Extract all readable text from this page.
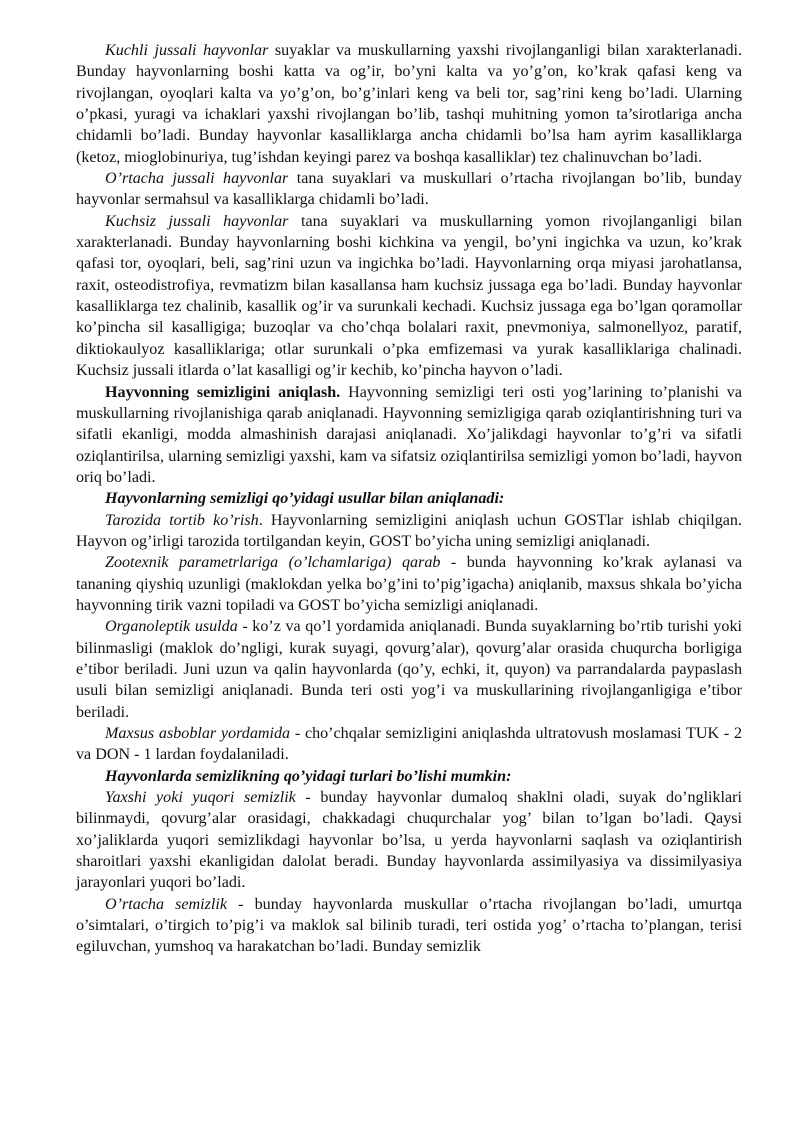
Kuchli jussali hayvonlar suyaklar va muskullarning yaxshi rivojlanganligi bilan xarakterlanadi. Bunday hayvonlarning boshi katta va og’ir, bo’yni kalta va yo’g’on, ko’krak qafasi keng va rivojlangan, oyoqlari kalta va yo’g’on, bo’g’inlari keng va beli tor, sag’rini keng bo’ladi. Ularning o’pkasi, yuragi va ichaklari yaxshi rivojlangan bo’lib, tashqi muhitning yomon ta’sirotlariga ancha chidamli bo’ladi. Bunday hayvonlar kasalliklarga ancha chidamli bo’lsa ham ayrim kasalliklarga (ketoz, mioglobinuriya, tug’ishdan keyingi parez va boshqa kasalliklar) tez chalinuvchan bo’ladi.

O’rtacha jussali hayvonlar tana suyaklari va muskullari o’rtacha rivojlangan bo’lib, bunday hayvonlar sermahsul va kasalliklarga chidamli bo’ladi.

Kuchsiz jussali hayvonlar tana suyaklari va muskullarning yomon rivojlanganligi bilan xarakterlanadi. Bunday hayvonlarning boshi kichkina va yengil, bo’yni ingichka va uzun, ko’krak qafasi tor, oyoqlari, beli, sag’rini uzun va ingichka bo’ladi. Hayvonlarning orqa miyasi jarohatlansa, raxit, osteodistrofiya, revmatizm bilan kasallansa ham kuchsiz jussaga ega bo’ladi. Bunday hayvonlar kasalliklarga tez chalinib, kasallik og’ir va surunkali kechadi. Kuchsiz jussaga ega bo’lgan qoramollar ko’pincha sil kasalligiga; buzoqlar va cho’chqa bolalari raxit, pnevmoniya, salmonellyoz, paratif, diktiokaulyoz kasalliklariga; otlar surunkali o’pka emfizemasi va yurak kasalliklariga chalinadi. Kuchsiz jussali itlarda o’lat kasalligi og’ir kechib, ko’pincha hayvon o’ladi.

Hayvonning semizligini aniqlash. Hayvonning semizligi teri osti yog’larining to’planishi va muskullarning rivojlanishiga qarab aniqlanadi. Hayvonning semizligiga qarab oziqlantirishning turi va sifatli ekanligi, modda almashinish darajasi aniqlanadi. Xo’jalikdagi hayvonlar to’g’ri va sifatli oziqlantirilsa, ularning semizligi yaxshi, kam va sifatsiz oziqlantirilsa semizligi yomon bo’ladi, hayvon oriq bo’ladi.

Hayvonlarning semizligi qo’yidagi usullar bilan aniqlanadi:

Tarozida tortib ko’rish. Hayvonlarning semizligini aniqlash uchun GOSTlar ishlab chiqilgan. Hayvon og’irligi tarozida tortilgandan keyin, GOST bo’yicha uning semizligi aniqlanadi.

Zootexnik parametrlariga (o’lchamlariga) qarab - bunda hayvonning ko’krak aylanasi va tananing qiyshiq uzunligi (maklokdan yelka bo’g’ini to’pig’igacha) aniqlanib, maxsus shkala bo’yicha hayvonning tirik vazni topiladi va GOST bo’yicha semizligi aniqlanadi.

Organoleptik usulda - ko’z va qo’l yordamida aniqlanadi. Bunda suyaklarning bo’rtib turishi yoki bilinmasligi (maklok do’ngligi, kurak suyagi, qovurg’alar), qovurg’alar orasida chuqurcha borligiga e’tibor beriladi. Juni uzun va qalin hayvonlarda (qo’y, echki, it, quyon) va parrandalarda paypaslash usuli bilan semizligi aniqlanadi. Bunda teri osti yog’i va muskullarining rivojlanganligiga e’tibor beriladi.

Maxsus asboblar yordamida - cho’chqalar semizligini aniqlashda ultratovush moslamasi TUK - 2 va DON - 1 lardan foydalaniladi.

Hayvonlarda semizlikning qo’yidagi turlari bo’lishi mumkin:

Yaxshi yoki yuqori semizlik - bunday hayvonlar dumaloq shaklni oladi, suyak do’ngliklari bilinmaydi, qovurg’alar orasidagi, chakkadagi chuqurchalar yog’ bilan to’lgan bo’ladi. Qaysi xo’jaliklarda yuqori semizlikdagi hayvonlar bo’lsa, u yerda hayvonlarni saqlash va oziqlantirish sharoitlari yaxshi ekanligidan dalolat beradi. Bunday hayvonlarda assimilyasiya va dissimilyasiya jarayonlari yuqori bo’ladi.

O’rtacha semizlik - bunday hayvonlarda muskullar o’rtacha rivojlangan bo’ladi, umurtqa o’simtalari, o’tirgich to’pig’i va maklok sal bilinib turadi, teri ostida yog’ o’rtacha to’plangan, terisi egiluvchan, yumshoq va harakatchan bo’ladi. Bunday semizlik
